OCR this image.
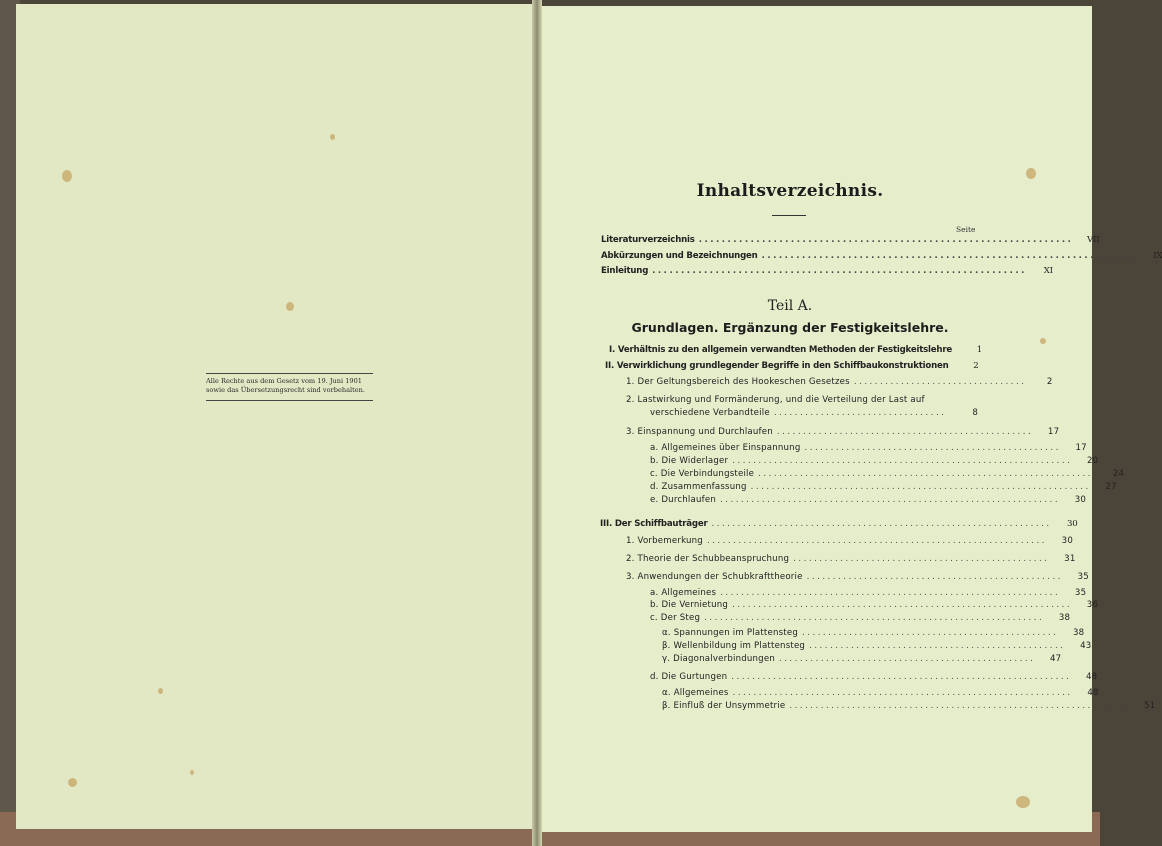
Alle Rechte aus dem Gesetz vom 19. Juni 1901
sowie das Übersetzungsrecht sind vorbehalten.
Inhaltsverzeichnis.
Seite
Literaturverzeichnis .................................................................	VII
Abkürzungen und Bezeichnungen .................................................................	IX
Einleitung .................................................................	XI
Teil A.
Grundlagen. Ergänzung der Festigkeitslehre.
I. Verhältnis zu den allgemein verwandten Methoden der Festigkeitslehre	1
II. Verwirklichung grundlegender Begriffe in den Schiffbaukonstruktionen	2
1. Der Geltungsbereich des Hookeschen Gesetzes .................................	2
2. Lastwirkung und Formänderung, und die Verteilung der Last auf
verschiedene Verbandteile .................................	8
3. Einspannung und Durchlaufen .................................................	17
a. Allgemeines über Einspannung .................................................	17
b. Die Widerlager .................................................................	20
c. Die Verbindungsteile .................................................................	24
d. Zusammenfassung .................................................................	27
e. Durchlaufen .................................................................	30
III. Der Schiffbauträger .................................................................	30
1. Vorbemerkung .................................................................	30
2. Theorie der Schubbeanspruchung .................................................	31
3. Anwendungen der Schubkrafttheorie .................................................	35
a. Allgemeines .................................................................	35
b. Die Vernietung .................................................................	36
c. Der Steg .................................................................	38
α. Spannungen im Plattensteg .................................................	38
β. Wellenbildung im Plattensteg .................................................	43
γ. Diagonalverbindungen .................................................	47
d. Die Gurtungen .................................................................	48
α. Allgemeines .................................................................	48
β. Einfluß der Unsymmetrie .................................................................	51
